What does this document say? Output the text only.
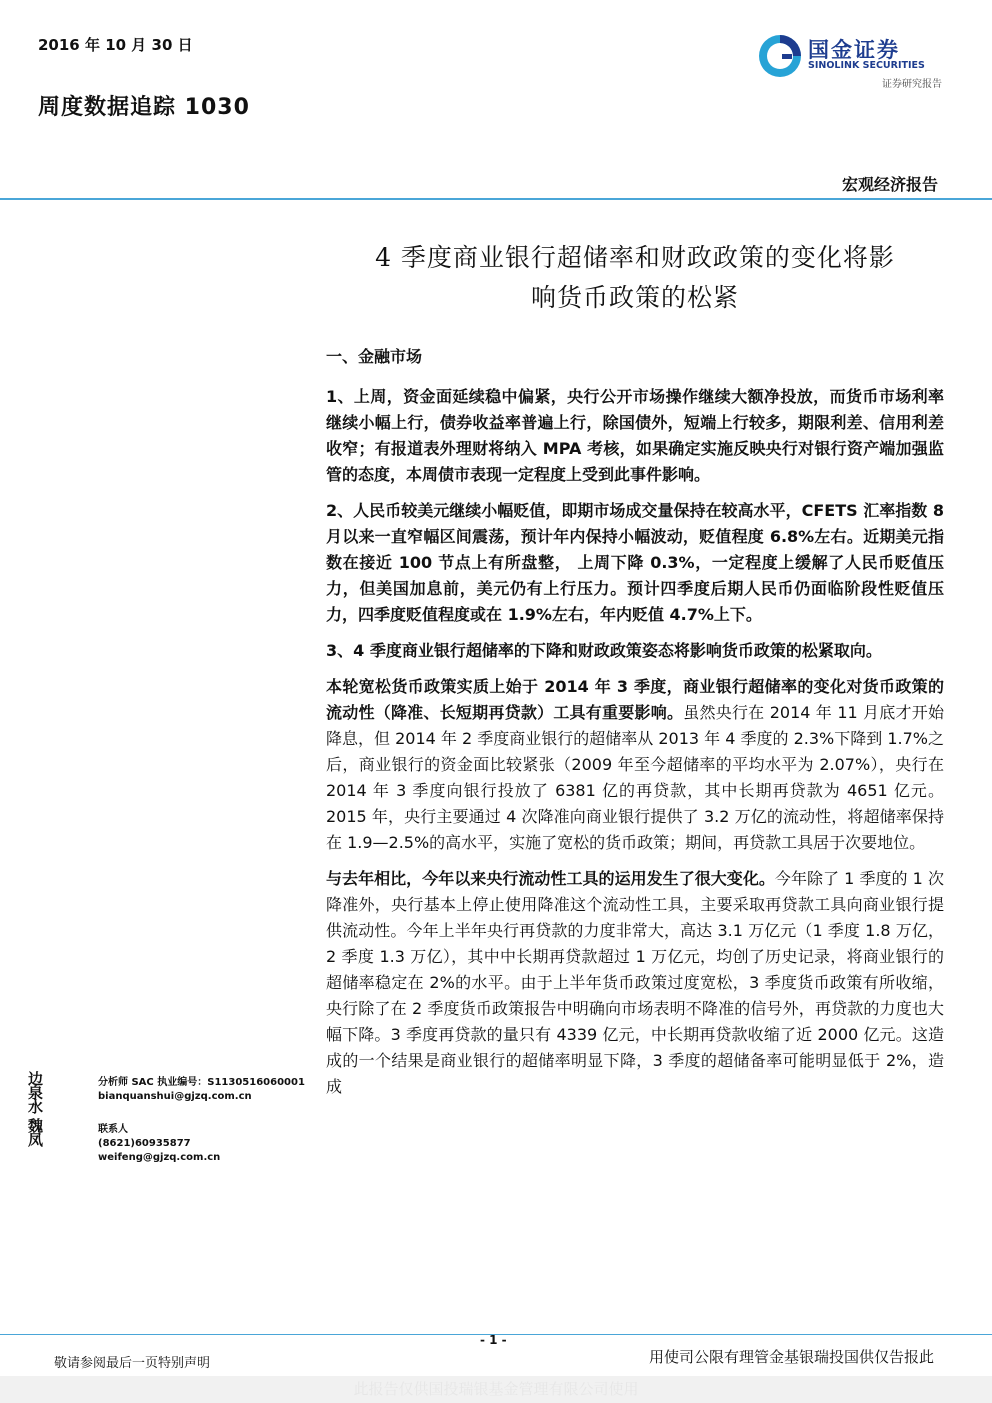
2016 年 10 月 30 日
周度数据追踪 1030
国金证券
SINOLINK SECURITIES
证券研究报告
宏观经济报告
4 季度商业银行超储率和财政政策的变化将影
响货币政策的松紧

一、金融市场

1、上周，资金面延续稳中偏紧，央行公开市场操作继续大额净投放，而货币市场利率继续小幅上行，债券收益率普遍上行，除国债外，短端上行较多，期限利差、信用利差收窄；有报道表外理财将纳入 MPA 考核，如果确定实施反映央行对银行资产端加强监管的态度，本周债市表现一定程度上受到此事件影响。

2、人民币较美元继续小幅贬值，即期市场成交量保持在较高水平，CFETS 汇率指数 8 月以来一直窄幅区间震荡，预计年内保持小幅波动，贬值程度 6.8%左右。近期美元指数在接近 100 节点上有所盘整， 上周下降 0.3%，一定程度上缓解了人民币贬值压力，但美国加息前，美元仍有上行压力。预计四季度后期人民币仍面临阶段性贬值压力，四季度贬值程度或在 1.9%左右，年内贬值 4.7%上下。

3、4 季度商业银行超储率的下降和财政政策姿态将影响货币政策的松紧取向。

本轮宽松货币政策实质上始于 2014 年 3 季度，商业银行超储率的变化对货币政策的流动性（降准、长短期再贷款）工具有重要影响。虽然央行在 2014 年 11 月底才开始降息，但 2014 年 2 季度商业银行的超储率从 2013 年 4 季度的 2.3%下降到 1.7%之后，商业银行的资金面比较紧张（2009 年至今超储率的平均水平为 2.07%），央行在 2014 年 3 季度向银行投放了 6381 亿的再贷款，其中长期再贷款为 4651 亿元。2015 年，央行主要通过 4 次降准向商业银行提供了 3.2 万亿的流动性，将超储率保持在 1.9—2.5%的高水平，实施了宽松的货币政策；期间，再贷款工具居于次要地位。

与去年相比，今年以来央行流动性工具的运用发生了很大变化。今年除了 1 季度的 1 次降准外，央行基本上停止使用降准这个流动性工具，主要采取再贷款工具向商业银行提供流动性。今年上半年央行再贷款的力度非常大，高达 3.1 万亿元（1 季度 1.8 万亿，2 季度 1.3 万亿），其中中长期再贷款超过 1 万亿元，均创了历史记录，将商业银行的超储率稳定在 2%的水平。由于上半年货币政策过度宽松，3 季度货币政策有所收缩，央行除了在 2 季度货币政策报告中明确向市场表明不降准的信号外，再贷款的力度也大幅下降。3 季度再贷款的量只有 4339 亿元，中长期再贷款收缩了近 2000 亿元。这造成的一个结果是商业银行的超储率明显下降，3 季度的超储备率可能明显低于 2%，造成

边泉水
分析师 SAC 执业编号：S1130516060001
bianquanshui@gjzq.com.cn
魏凤
联系人
(8621)60935877
weifeng@gjzq.com.cn
- 1 -
敬请参阅最后一页特别声明	用使司公限有理管金基银瑞投国供仅告报此
此报告仅供国投瑞银基金管理有限公司使用
